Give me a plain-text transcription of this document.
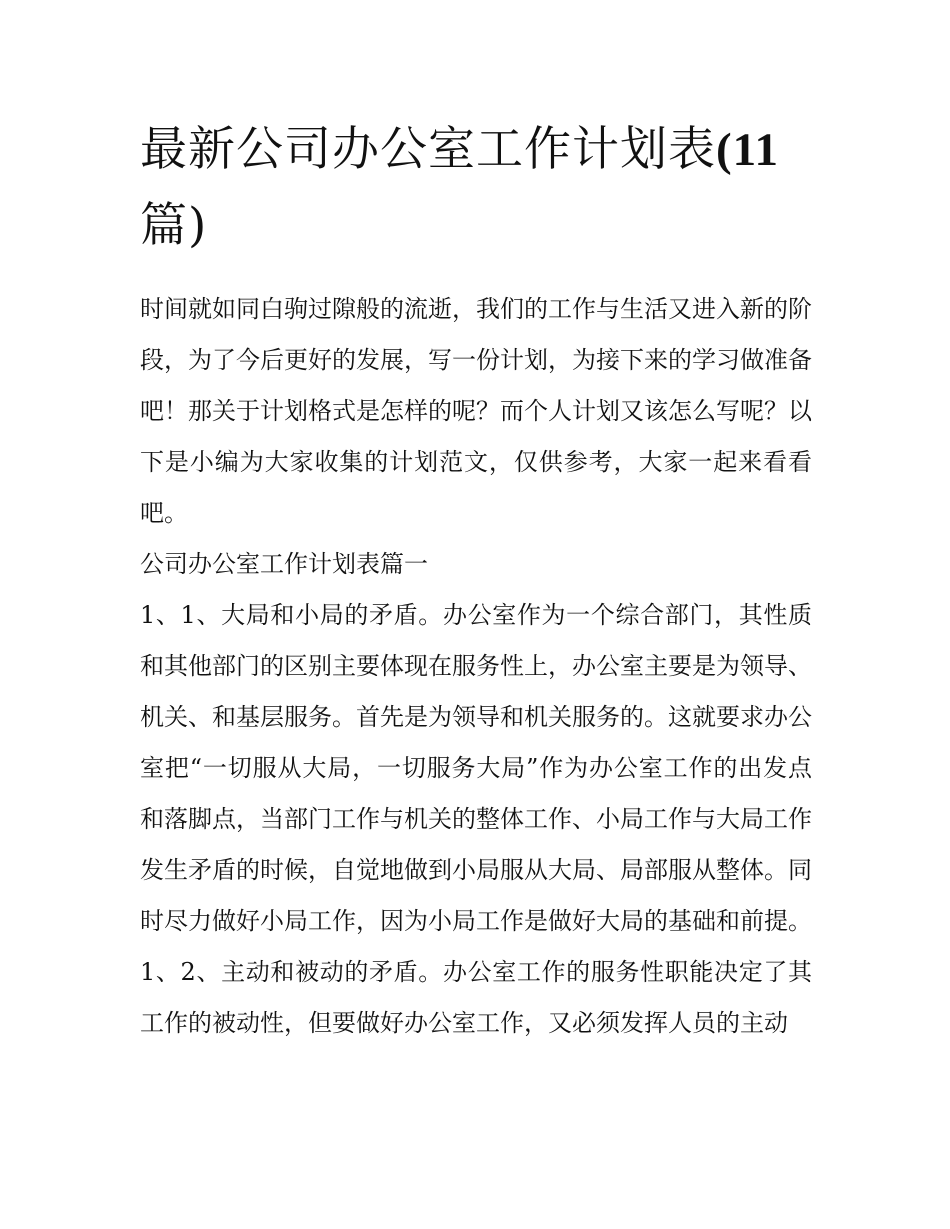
最新公司办公室工作计划表(11
篇)

时间就如同白驹过隙般的流逝，我们的工作与生活又进入新的阶段，为了今后更好的发展，写一份计划，为接下来的学习做准备吧！那关于计划格式是怎样的呢？而个人计划又该怎么写呢？以下是小编为大家收集的计划范文，仅供参考，大家一起来看看吧。

公司办公室工作计划表篇一

1、1、大局和小局的矛盾。办公室作为一个综合部门，其性质和其他部门的区别主要体现在服务性上，办公室主要是为领导、机关、和基层服务。首先是为领导和机关服务的。这就要求办公室把“一切服从大局，一切服务大局”作为办公室工作的出发点和落脚点，当部门工作与机关的整体工作、小局工作与大局工作发生矛盾的时候，自觉地做到小局服从大局、局部服从整体。同时尽力做好小局工作，因为小局工作是做好大局的基础和前提。

1、2、主动和被动的矛盾。办公室工作的服务性职能决定了其工作的被动性，但要做好办公室工作，又必须发挥人员的主动
